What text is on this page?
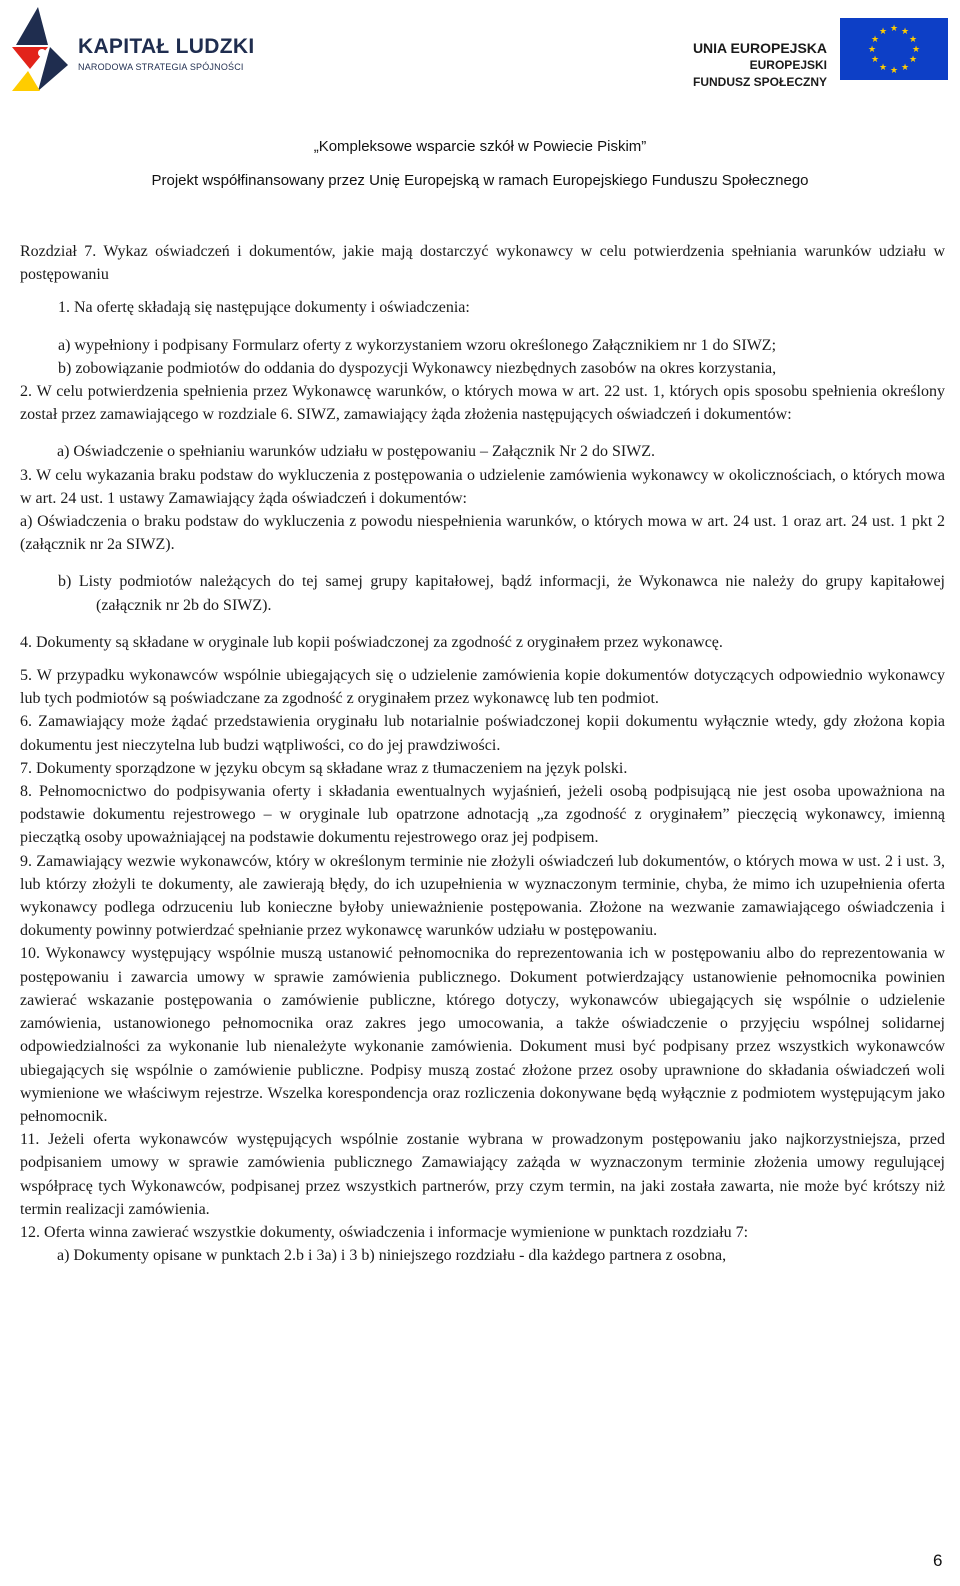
KAPITAŁ LUDZKI
NARODOWA STRATEGIA SPÓJNOŚCI
UNIA EUROPEJSKA
EUROPEJSKI
FUNDUSZ SPOŁECZNY
★ ★
★
★
★
★
★
★
★
★
★
★
„Kompleksowe wsparcie szkół w Powiecie Piskim”
Projekt współfinansowany przez Unię Europejską w ramach Europejskiego Funduszu Społecznego
Rozdział 7. Wykaz oświadczeń i dokumentów, jakie mają dostarczyć wykonawcy w celu potwierdzenia spełniania warunków udziału w postępowaniu
1. Na ofertę składają się następujące dokumenty i oświadczenia:
a) wypełniony i podpisany Formularz oferty z wykorzystaniem wzoru określonego Załącznikiem nr 1 do SIWZ;
b) zobowiązanie podmiotów do oddania do dyspozycji Wykonawcy niezbędnych zasobów na okres korzystania,
2. W celu potwierdzenia spełnienia przez Wykonawcę warunków, o których mowa w art. 22 ust. 1, których opis sposobu spełnienia określony został przez zamawiającego w rozdziale 6. SIWZ, zamawiający żąda złożenia następujących oświadczeń i dokumentów:
a) Oświadczenie o spełnianiu warunków udziału w postępowaniu – Załącznik Nr 2 do SIWZ.
3. W celu wykazania braku podstaw do wykluczenia z postępowania o udzielenie zamówienia wykonawcy w okolicznościach, o których mowa w art. 24 ust. 1 ustawy Zamawiający żąda oświadczeń i dokumentów:
a) Oświadczenia o braku podstaw do wykluczenia z powodu niespełnienia warunków, o których mowa w art. 24 ust. 1 oraz art. 24 ust. 1 pkt 2 (załącznik nr 2a SIWZ).
b) Listy podmiotów należących do tej samej grupy kapitałowej, bądź informacji, że Wykonawca nie należy do grupy kapitałowej (załącznik nr 2b do SIWZ).
4. Dokumenty są składane w oryginale lub kopii poświadczonej za zgodność z oryginałem przez wykonawcę.
5. W przypadku wykonawców wspólnie ubiegających się o udzielenie zamówienia kopie dokumentów dotyczących odpowiednio wykonawcy lub tych podmiotów są poświadczane za zgodność z oryginałem przez wykonawcę lub ten podmiot.
6. Zamawiający może żądać przedstawienia oryginału lub notarialnie poświadczonej kopii dokumentu wyłącznie wtedy, gdy złożona kopia dokumentu jest nieczytelna lub budzi wątpliwości, co do jej prawdziwości.
7. Dokumenty sporządzone w języku obcym są składane wraz z tłumaczeniem na język polski.
8. Pełnomocnictwo do podpisywania oferty i składania ewentualnych wyjaśnień, jeżeli osobą podpisującą nie jest osoba upoważniona na podstawie dokumentu rejestrowego – w oryginale lub opatrzone adnotacją „za zgodność z oryginałem” pieczęcią wykonawcy, imienną pieczątką osoby upoważniającej na podstawie dokumentu rejestrowego oraz jej podpisem.
9. Zamawiający wezwie wykonawców, który w określonym terminie nie złożyli oświadczeń lub dokumentów, o których mowa w ust. 2 i ust. 3, lub którzy złożyli te dokumenty, ale zawierają błędy, do ich uzupełnienia w wyznaczonym terminie, chyba, że mimo ich uzupełnienia oferta wykonawcy podlega odrzuceniu lub konieczne byłoby unieważnienie postępowania. Złożone na wezwanie zamawiającego oświadczenia i dokumenty powinny potwierdzać spełnianie przez wykonawcę warunków udziału w postępowaniu.
10. Wykonawcy występujący wspólnie muszą ustanowić pełnomocnika do reprezentowania ich w postępowaniu albo do reprezentowania w postępowaniu i zawarcia umowy w sprawie zamówienia publicznego. Dokument potwierdzający ustanowienie pełnomocnika powinien zawierać wskazanie postępowania o zamówienie publiczne, którego dotyczy, wykonawców ubiegających się wspólnie o udzielenie zamówienia, ustanowionego pełnomocnika oraz zakres jego umocowania, a także oświadczenie o przyjęciu wspólnej solidarnej odpowiedzialności za wykonanie lub nienależyte wykonanie zamówienia. Dokument musi być podpisany przez wszystkich wykonawców ubiegających się wspólnie o zamówienie publiczne. Podpisy muszą zostać złożone przez osoby uprawnione do składania oświadczeń woli wymienione we właściwym rejestrze. Wszelka korespondencja oraz rozliczenia dokonywane będą wyłącznie z podmiotem występującym jako pełnomocnik.
11. Jeżeli oferta wykonawców występujących wspólnie zostanie wybrana w prowadzonym postępowaniu jako najkorzystniejsza, przed podpisaniem umowy w sprawie zamówienia publicznego Zamawiający zażąda w wyznaczonym terminie złożenia umowy regulującej współpracę tych Wykonawców, podpisanej przez wszystkich partnerów, przy czym termin, na jaki została zawarta, nie może być krótszy niż termin realizacji zamówienia.
12. Oferta winna zawierać wszystkie dokumenty, oświadczenia i informacje wymienione w punktach rozdziału 7:
a) Dokumenty opisane w punktach 2.b i 3a) i 3 b) niniejszego rozdziału - dla każdego partnera z osobna,
6
